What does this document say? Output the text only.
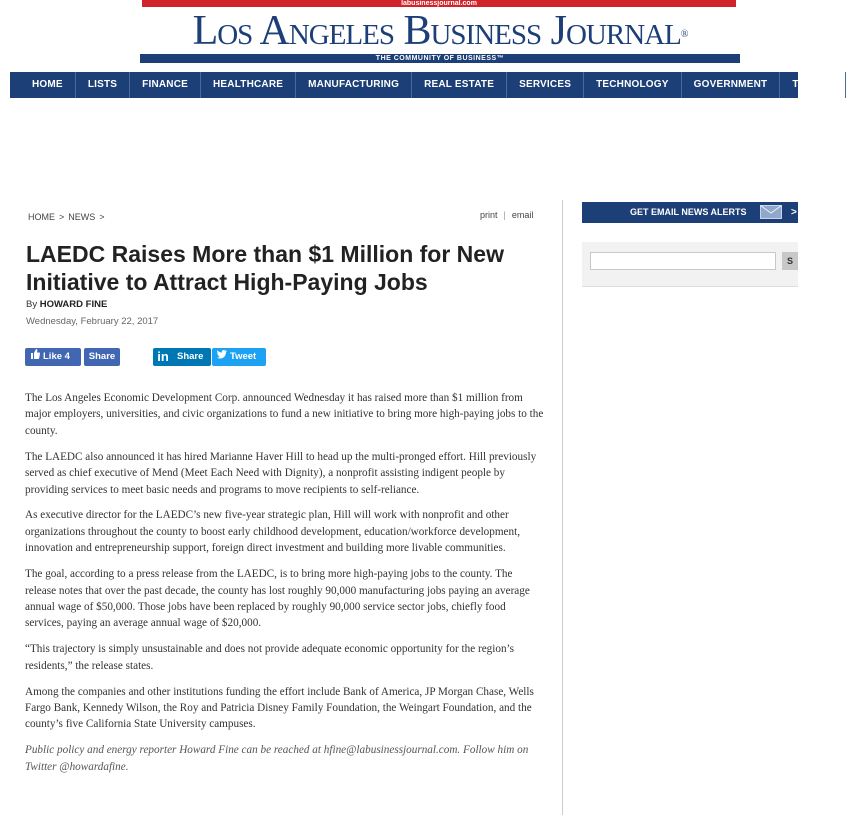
labusinessjournal.com
Los Angeles Business Journal®
THE COMMUNITY OF BUSINESS™
HOME	LISTS	FINANCE	HEALTHCARE	MANUFACTURING	REAL ESTATE	SERVICES	TECHNOLOGY	GOVERNMENT	TRAVEL
HOME > NEWS >	print | email
LAEDC Raises More than $1 Million for New Initiative to Attract High-Paying Jobs
By HOWARD FINE
Wednesday, February 22, 2017
Like 4	Share	in Share	Tweet

The Los Angeles Economic Development Corp. announced Wednesday it has raised more than $1 million from major employers, universities, and civic organizations to fund a new initiative to bring more high-paying jobs to the county.

The LAEDC also announced it has hired Marianne Haver Hill to head up the multi-pronged effort. Hill previously served as chief executive of Mend (Meet Each Need with Dignity), a nonprofit assisting indigent people by providing services to meet basic needs and programs to move recipients to self-reliance.

As executive director for the LAEDC’s new five-year strategic plan, Hill will work with nonprofit and other organizations throughout the county to boost early childhood development, education/workforce development, innovation and entrepreneurship support, foreign direct investment and building more livable communities.

The goal, according to a press release from the LAEDC, is to bring more high-paying jobs to the county. The release notes that over the past decade, the county has lost roughly 90,000 manufacturing jobs paying an average annual wage of $50,000. Those jobs have been replaced by roughly 90,000 service sector jobs, chiefly food services, paying an average annual wage of $20,000.

“This trajectory is simply unsustainable and does not provide adequate economic opportunity for the region’s residents,” the release states.

Among the companies and other institutions funding the effort include Bank of America, JP Morgan Chase, Wells Fargo Bank, Kennedy Wilson, the Roy and Patricia Disney Family Foundation, the Weingart Foundation, and the county’s five California State University campuses.

Public policy and energy reporter Howard Fine can be reached at hfine@labusinessjournal.com. Follow him on Twitter @howardafine.

GET EMAIL NEWS ALERTS	>
S
